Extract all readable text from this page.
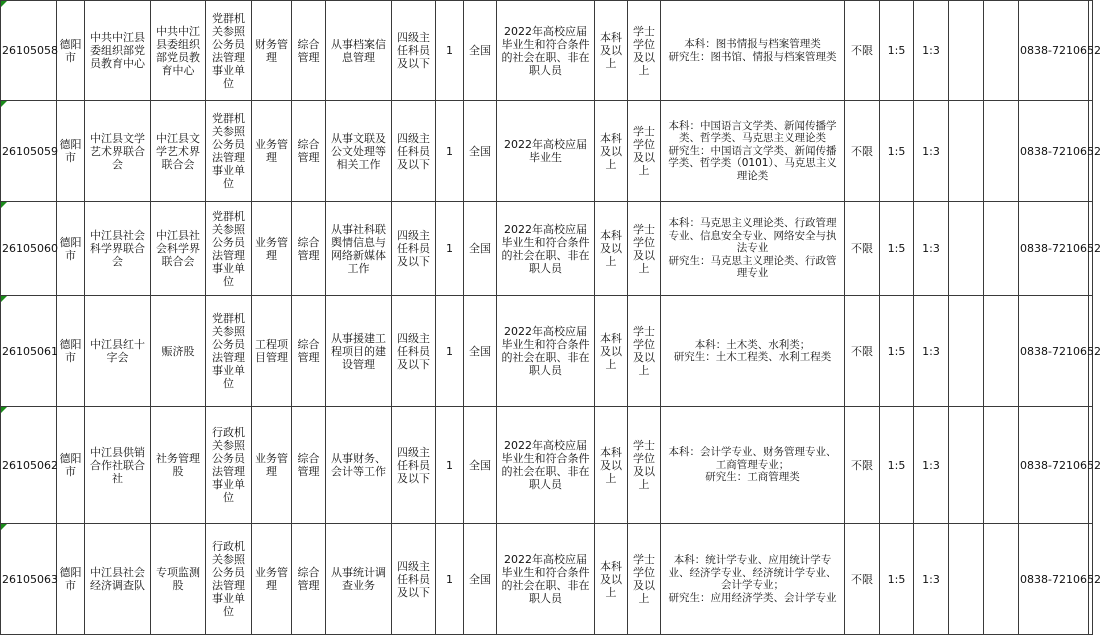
26105058	德阳市	中共中江县委组织部党员教育中心	中共中江县委组织部党员教育中心	党群机关参照公务员法管理事业单位	财务管理	综合管理	从事档案信息管理	四级主任科员及以下	1	全国	2022年高校应届毕业生和符合条件的社会在职、非在职人员	本科及以上	学士学位及以上	本科：图书情报与档案管理类
研究生：图书馆、情报与档案管理类	不限	1:5	1:3			0838-7210652	

26105059	德阳市	中江县文学艺术界联合会	中江县文学艺术界联合会	党群机关参照公务员法管理事业单位	业务管理	综合管理	从事文联及公文处理等相关工作	四级主任科员及以下	1	全国	2022年高校应届毕业生	本科及以上	学士学位及以上	本科：中国语言文学类、新闻传播学类、哲学类、马克思主义理论类
研究生：中国语言文学类、新闻传播学类、哲学类（0101）、马克思主义理论类	不限	1:5	1:3			0838-7210652	

26105060	德阳市	中江县社会科学界联合会	中江县社会科学界联合会	党群机关参照公务员法管理事业单位	业务管理	综合管理	从事社科联舆情信息与网络新媒体工作	四级主任科员及以下	1	全国	2022年高校应届毕业生和符合条件的社会在职、非在职人员	本科及以上	学士学位及以上	本科：马克思主义理论类、行政管理专业、信息安全专业、网络安全与执法专业
研究生：马克思主义理论类、行政管理专业	不限	1:5	1:3			0838-7210652	

26105061	德阳市	中江县红十字会	赈济股	党群机关参照公务员法管理事业单位	工程项目管理	综合管理	从事援建工程项目的建设管理	四级主任科员及以下	1	全国	2022年高校应届毕业生和符合条件的社会在职、非在职人员	本科及以上	学士学位及以上	本科：土木类、水利类；
研究生：土木工程类、水利工程类	不限	1:5	1:3			0838-7210652	

26105062	德阳市	中江县供销合作社联合社	社务管理股	行政机关参照公务员法管理事业单位	业务管理	综合管理	从事财务、会计等工作	四级主任科员及以下	1	全国	2022年高校应届毕业生和符合条件的社会在职、非在职人员	本科及以上	学士学位及以上	本科：会计学专业、财务管理专业、工商管理专业；
研究生：工商管理类	不限	1:5	1:3			0838-7210652	

26105063	德阳市	中江县社会经济调查队	专项监测股	行政机关参照公务员法管理事业单位	业务管理	综合管理	从事统计调查业务	四级主任科员及以下	1	全国	2022年高校应届毕业生和符合条件的社会在职、非在职人员	本科及以上	学士学位及以上	本科：统计学专业、应用统计学专业、经济学专业、经济统计学专业、会计学专业；
研究生：应用经济学类、会计学专业	不限	1:5	1:3			0838-7210652	
